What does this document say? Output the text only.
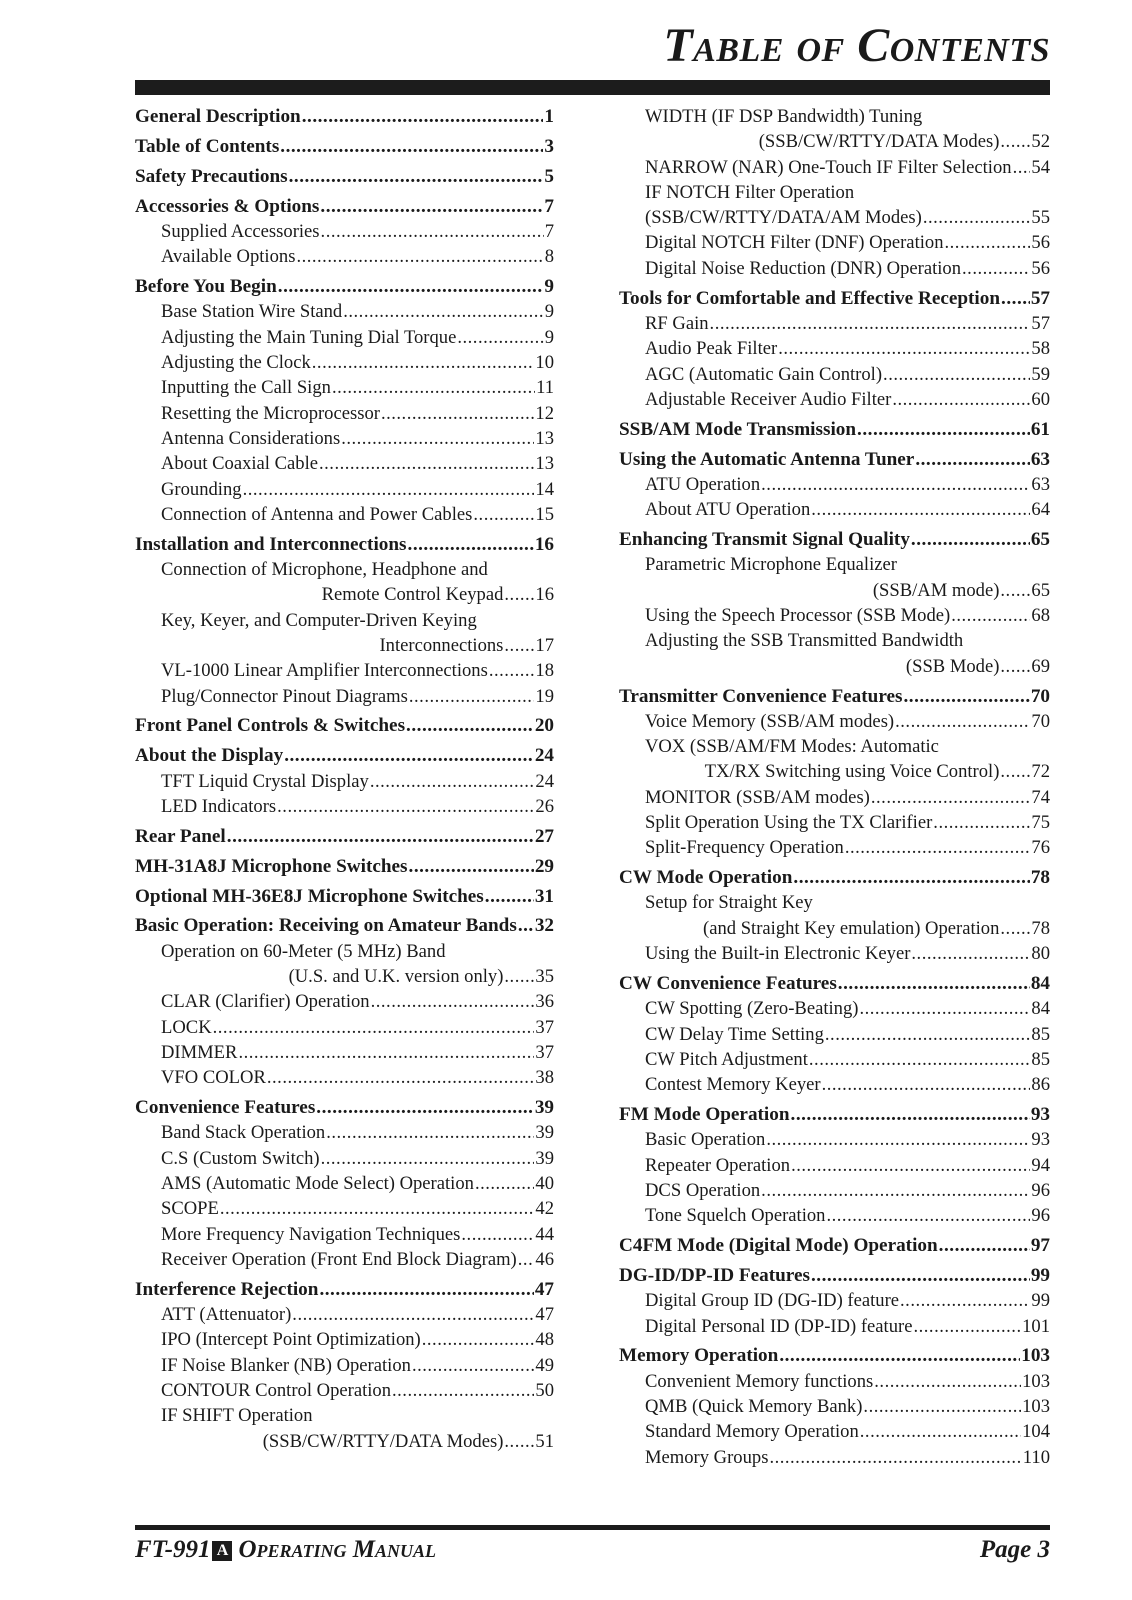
Table of Contents
General Description .....	1
Table of Contents .....	3
Safety Precautions .....	5
Accessories & Options .....	7
Supplied Accessories .....	7
Available Options .....	8
Before You Begin .....	9
Base Station Wire Stand .....	9
Adjusting the Main Tuning Dial Torque .....	9
Adjusting the Clock .....	10
Inputting the Call Sign .....	11
Resetting the Microprocessor .....	12
Antenna Considerations .....	13
About Coaxial Cable .....	13
Grounding .....	14
Connection of Antenna and Power Cables .....	15
Installation and Interconnections .....	16
Connection of Microphone, Headphone and
Remote Control Keypad ..... 16
Key, Keyer, and Computer-Driven Keying
Interconnections ..... 17
VL-1000 Linear Amplifier Interconnections .....	18
Plug/Connector Pinout Diagrams .....	19
Front Panel Controls & Switches .....	20
About the Display .....	24
TFT Liquid Crystal Display .....	24
LED Indicators .....	26
Rear Panel .....	27
MH-31A8J Microphone Switches .....	29
Optional MH-36E8J Microphone Switches .....	31
Basic Operation: Receiving on Amateur Bands ..... 32
Operation on 60-Meter (5 MHz) Band
(U.S. and U.K. version only) ..... 35
CLAR (Clarifier) Operation .....	36
LOCK .....	37
DIMMER .....	37
VFO COLOR .....	38
Convenience Features .....	39
Band Stack Operation .....	39
C.S (Custom Switch) .....	39
AMS (Automatic Mode Select) Operation .....	40
SCOPE .....	42
More Frequency Navigation Techniques .....	44
Receiver Operation (Front End Block Diagram) ..... 46
Interference Rejection .....	47
ATT (Attenuator) .....	47
IPO (Intercept Point Optimization) .....	48
IF Noise Blanker (NB) Operation .....	49
CONTOUR Control Operation .....	50
IF SHIFT Operation
(SSB/CW/RTTY/DATA Modes) ..... 51
WIDTH (IF DSP Bandwidth) Tuning
(SSB/CW/RTTY/DATA Modes) ..... 52
NARROW (NAR) One-Touch IF Filter Selection ..... 54
IF NOTCH Filter Operation
(SSB/CW/RTTY/DATA/AM Modes) .....	55
Digital NOTCH Filter (DNF) Operation .....	56
Digital Noise Reduction (DNR) Operation .....	56
Tools for Comfortable and Effective Reception ..... 57
RF Gain .....	57
Audio Peak Filter .....	58
AGC (Automatic Gain Control) .....	59
Adjustable Receiver Audio Filter .....	60
SSB/AM Mode Transmission .....	61
Using the Automatic Antenna Tuner .....	63
ATU Operation .....	63
About ATU Operation .....	64
Enhancing Transmit Signal Quality .....	65
Parametric Microphone Equalizer
(SSB/AM mode) ..... 65
Using the Speech Processor (SSB Mode) .....	68
Adjusting the SSB Transmitted Bandwidth
(SSB Mode) ..... 69
Transmitter Convenience Features .....	70
Voice Memory (SSB/AM modes) .....	70
VOX (SSB/AM/FM Modes: Automatic
TX/RX Switching using Voice Control) ..... 72
MONITOR (SSB/AM modes) .....	74
Split Operation Using the TX Clarifier .....	75
Split-Frequency Operation .....	76
CW Mode Operation .....	78
Setup for Straight Key
(and Straight Key emulation) Operation ..... 78
Using the Built-in Electronic Keyer .....	80
CW Convenience Features .....	84
CW Spotting (Zero-Beating) .....	84
CW Delay Time Setting .....	85
CW Pitch Adjustment .....	85
Contest Memory Keyer .....	86
FM Mode Operation .....	93
Basic Operation .....	93
Repeater Operation .....	94
DCS Operation .....	96
Tone Squelch Operation .....	96
C4FM Mode (Digital Mode) Operation .....	97
DG-ID/DP-ID Features .....	99
Digital Group ID (DG-ID) feature .....	99
Digital Personal ID (DP-ID) feature .....	101
Memory Operation .....	103
Convenient Memory functions .....	103
QMB (Quick Memory Bank) .....	103
Standard Memory Operation .....	104
Memory Groups .....	110
FT-991 A Operating Manual	Page 3
